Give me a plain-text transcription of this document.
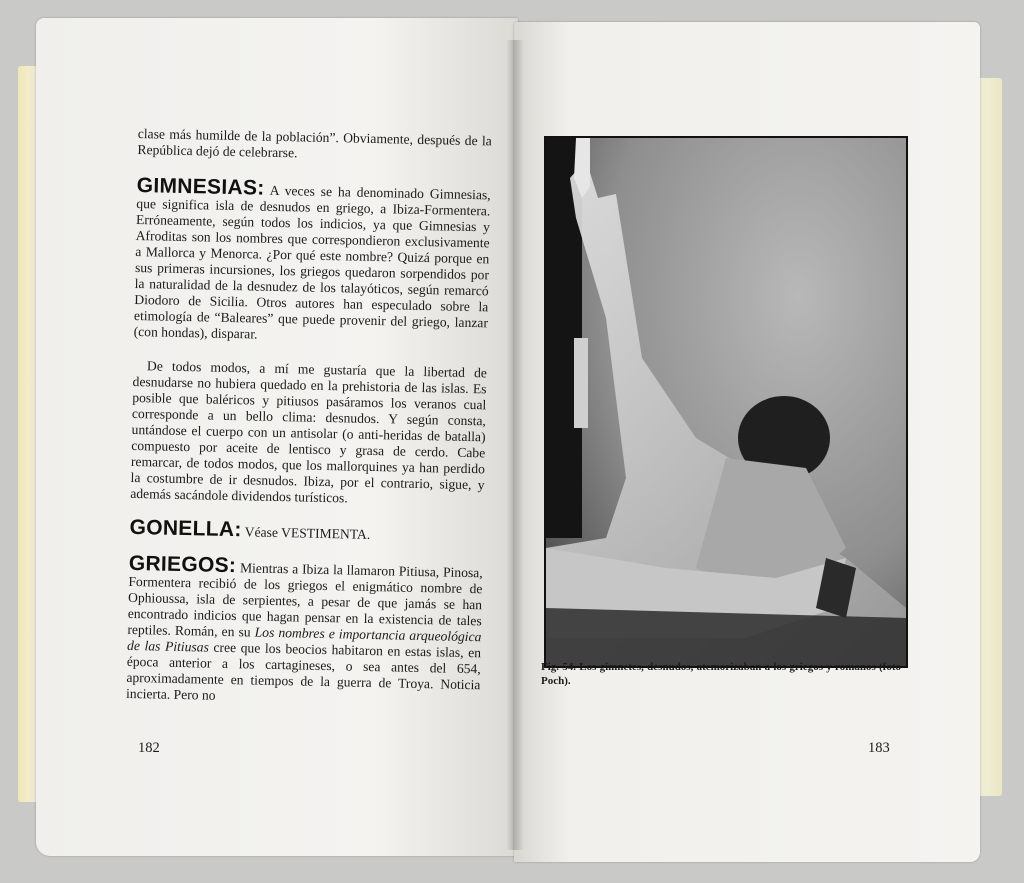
clase más humilde de la población”. Obviamente, después de la República dejó de celebrarse.

GIMNESIAS: A veces se ha denominado Gimnesias, que significa isla de desnudos en griego, a Ibiza-Formentera. Erróneamente, según todos los indicios, ya que Gimnesias y Afroditas son los nombres que correspondieron exclusivamente a Mallorca y Menorca. ¿Por qué este nombre? Quizá porque en sus primeras incursiones, los griegos quedaron sorpendidos por la naturalidad de la desnudez de los talayóticos, según remarcó Diodoro de Sicilia. Otros autores han especulado sobre la etimología de “Baleares” que puede provenir del griego, lanzar (con hondas), disparar.

De todos modos, a mí me gustaría que la libertad de desnudarse no hubiera quedado en la prehistoria de las islas. Es posible que baléricos y pitiusos pasáramos los veranos cual corresponde a un bello clima: desnudos. Y según consta, untándose el cuerpo con un antisolar (o anti-heridas de batalla) compuesto por aceite de lentisco y grasa de cerdo. Cabe remarcar, de todos modos, que los mallorquines ya han perdido la costumbre de ir desnudos. Ibiza, por el contrario, sigue, y además sacándole dividendos turísticos.

GONELLA: Véase VESTIMENTA.

GRIEGOS: Mientras a Ibiza la llamaron Pitiusa, Pinosa, Formentera recibió de los griegos el enigmático nombre de Ophioussa, isla de serpientes, a pesar de que jamás se han encontrado indicios que hagan pensar en la existencia de tales reptiles. Román, en su Los nombres e importancia arqueológica de las Pitiusas cree que los beocios habitaron en estas islas, en época anterior a los cartagineses, o sea antes del 654, aproximadamente en tiempos de la guerra de Troya. Noticia incierta. Pero no

182
Fig. 54. Los gimnetes, desnudos, atemorizaban a los griegos y romanos (foto Poch).
183
